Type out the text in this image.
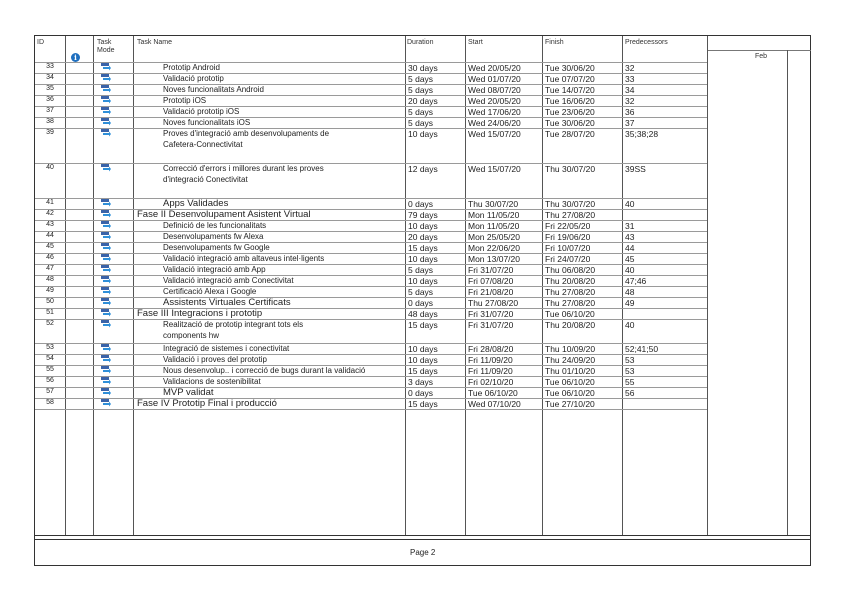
ID
i
Task
Mode
Task Name	Duration	Start	Finish	Predecessors
Feb
33	Prototip Android	30 days	Wed 20/05/20	Tue 30/06/20	32
34	Validació prototip	5 days	Wed 01/07/20	Tue 07/07/20	33
35	Noves funcionalitats Android	5 days	Wed 08/07/20	Tue 14/07/20	34
36	Prototip iOS	20 days	Wed 20/05/20	Tue 16/06/20	32
37	Validació prototip iOS	5 days	Wed 17/06/20	Tue 23/06/20	36
38	Noves funcionalitats iOS	5 days	Wed 24/06/20	Tue 30/06/20	37
39	Proves d'integració amb desenvolupaments de
Cafetera-Connectivitat
10 days	Wed 15/07/20	Tue 28/07/20	35;38;28
40	Correcció d'errors i millores durant les proves
d'integració Conectivitat
12 days	Wed 15/07/20	Thu 30/07/20	39SS
41	Apps Validades	0 days	Thu 30/07/20	Thu 30/07/20	40
42	Fase II Desenvolupament Asistent Virtual	79 days	Mon 11/05/20	Thu 27/08/20
43	Definició de les funcionalitats	10 days	Mon 11/05/20	Fri 22/05/20	31
44	Desenvolupaments fw Alexa	20 days	Mon 25/05/20	Fri 19/06/20	43
45	Desenvolupaments fw Google	15 days	Mon 22/06/20	Fri 10/07/20	44
46	Validació integració amb altaveus intel·ligents	10 days	Mon 13/07/20	Fri 24/07/20	45
47	Validació integració amb App	5 days	Fri 31/07/20	Thu 06/08/20	40
48	Validació integració amb Conectivitat	10 days	Fri 07/08/20	Thu 20/08/20	47;46
49	Certificació Alexa i Google	5 days	Fri 21/08/20	Thu 27/08/20	48
50	Assistents Virtuales Certificats	0 days	Thu 27/08/20	Thu 27/08/20	49
51	Fase III Integracions i prototip	48 days	Fri 31/07/20	Tue 06/10/20
52	Realització de prototip integrant tots els
components hw
15 days	Fri 31/07/20	Thu 20/08/20	40
53	Integració de sistemes i conectivitat	10 days	Fri 28/08/20	Thu 10/09/20	52;41;50
54	Validació i proves del prototip	10 days	Fri 11/09/20	Thu 24/09/20	53
55	Nous desenvolup.. i correcció de bugs durant la validació	15 days	Fri 11/09/20	Thu 01/10/20	53
56	Validacions de sostenibilitat	3 days	Fri 02/10/20	Tue 06/10/20	55
57	MVP validat	0 days	Tue 06/10/20	Tue 06/10/20	56
58	Fase IV Prototip Final i producció	15 days	Wed 07/10/20	Tue 27/10/20
Page 2
